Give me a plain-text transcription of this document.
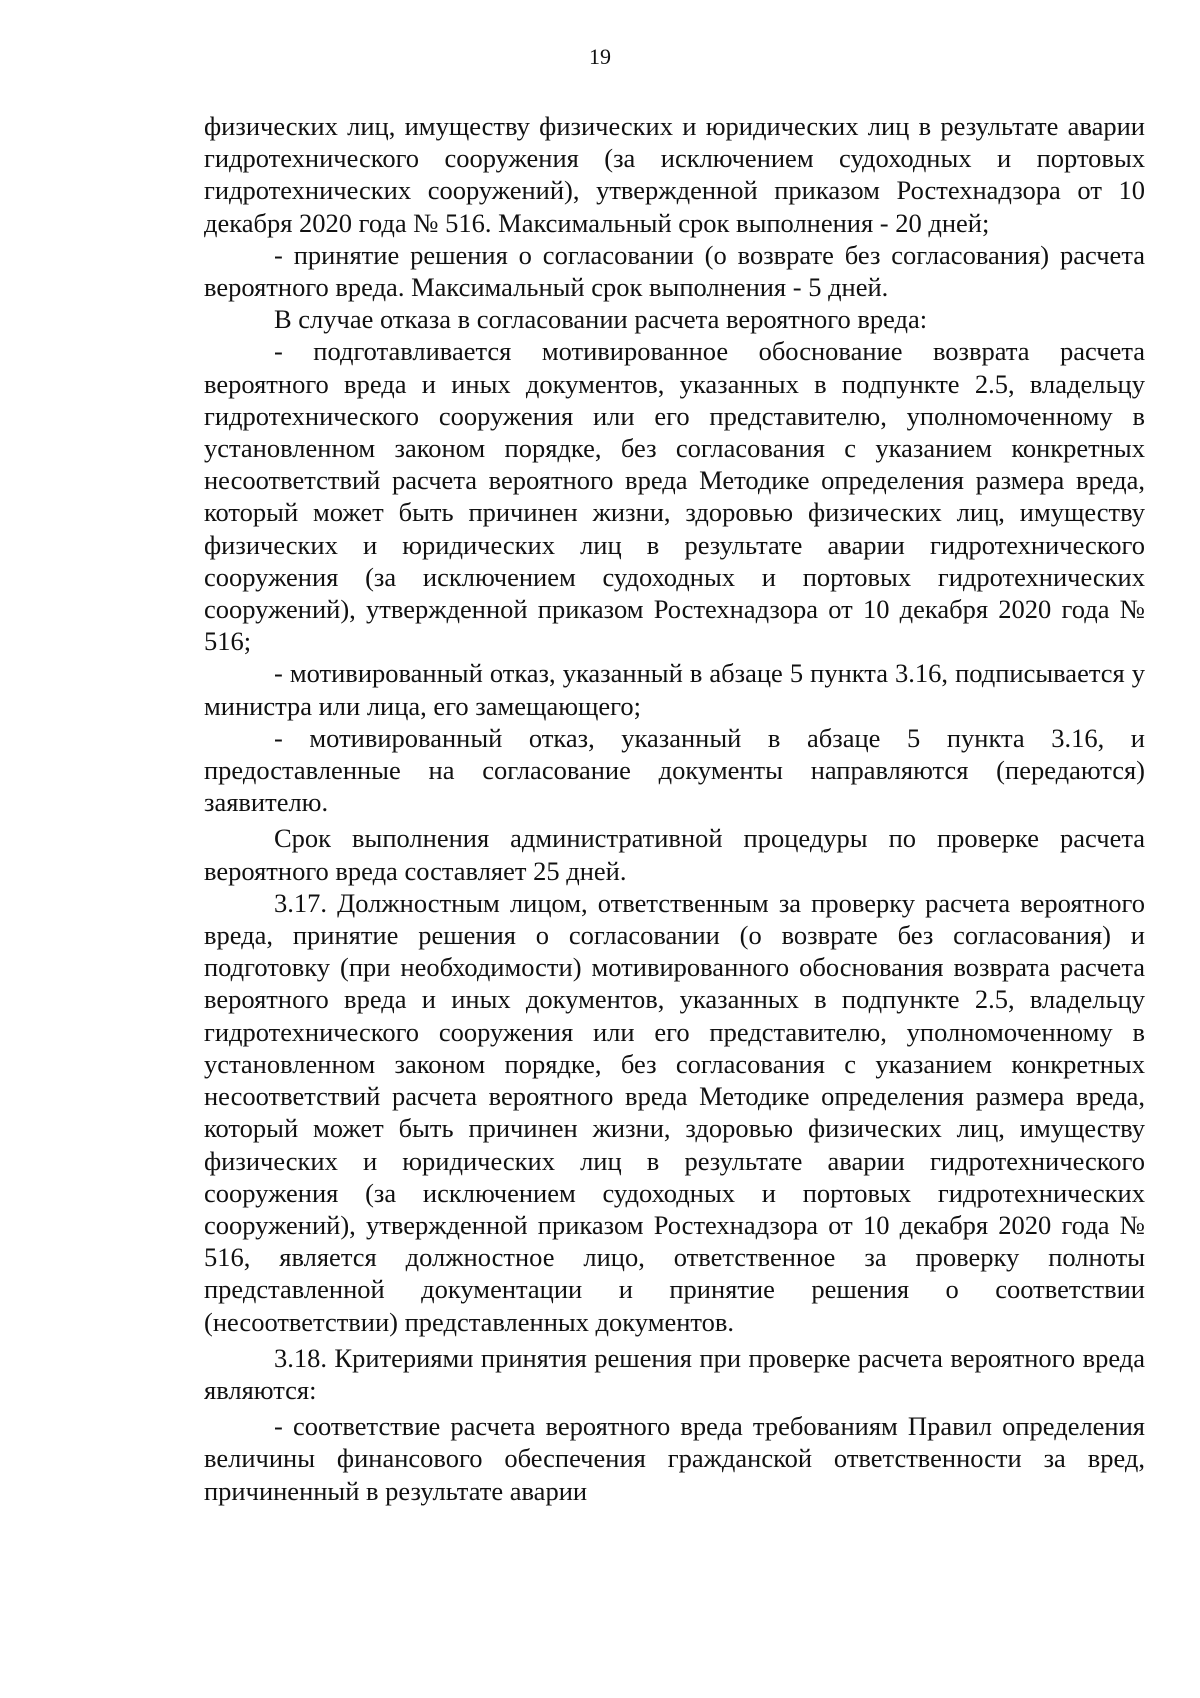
19

физических лиц, имуществу физических и юридических лиц в результате аварии гидротехнического сооружения (за исключением судоходных и портовых гидротехнических сооружений), утвержденной приказом Ростехнадзора от 10 декабря 2020 года № 516. Максимальный срок выполнения - 20 дней;

- принятие решения о согласовании (о возврате без согласования) расчета вероятного вреда. Максимальный срок выполнения - 5 дней.

В случае отказа в согласовании расчета вероятного вреда:

- подготавливается мотивированное обоснование возврата расчета вероятного вреда и иных документов, указанных в подпункте 2.5, владельцу гидротехнического сооружения или его представителю, уполномоченному в установленном законом порядке, без согласования с указанием конкретных несоответствий расчета вероятного вреда Методике определения размера вреда, который может быть причинен жизни, здоровью физических лиц, имуществу физических и юридических лиц в результате аварии гидротехнического сооружения (за исключением судоходных и портовых гидротехнических сооружений), утвержденной приказом Ростехнадзора от 10 декабря 2020 года № 516;

- мотивированный отказ, указанный в абзаце 5 пункта 3.16, подписывается у министра или лица, его замещающего;

- мотивированный отказ, указанный в абзаце 5 пункта 3.16, и предоставленные на согласование документы направляются (передаются) заявителю.

Срок выполнения административной процедуры по проверке расчета вероятного вреда составляет 25 дней.

3.17. Должностным лицом, ответственным за проверку расчета вероятного вреда, принятие решения о согласовании (о возврате без согласования) и подготовку (при необходимости) мотивированного обоснования возврата расчета вероятного вреда и иных документов, указанных в подпункте 2.5, владельцу гидротехнического сооружения или его представителю, уполномоченному в установленном законом порядке, без согласования с указанием конкретных несоответствий расчета вероятного вреда Методике определения размера вреда, который может быть причинен жизни, здоровью физических лиц, имуществу физических и юридических лиц в результате аварии гидротехнического сооружения (за исключением судоходных и портовых гидротехнических сооружений), утвержденной приказом Ростехнадзора от 10 декабря 2020 года № 516, является должностное лицо, ответственное за проверку полноты представленной документации и принятие решения о соответствии (несоответствии) представленных документов.

3.18. Критериями принятия решения при проверке расчета вероятного вреда являются:

- соответствие расчета вероятного вреда требованиям Правил определения величины финансового обеспечения гражданской ответственности за вред, причиненный в результате аварии
